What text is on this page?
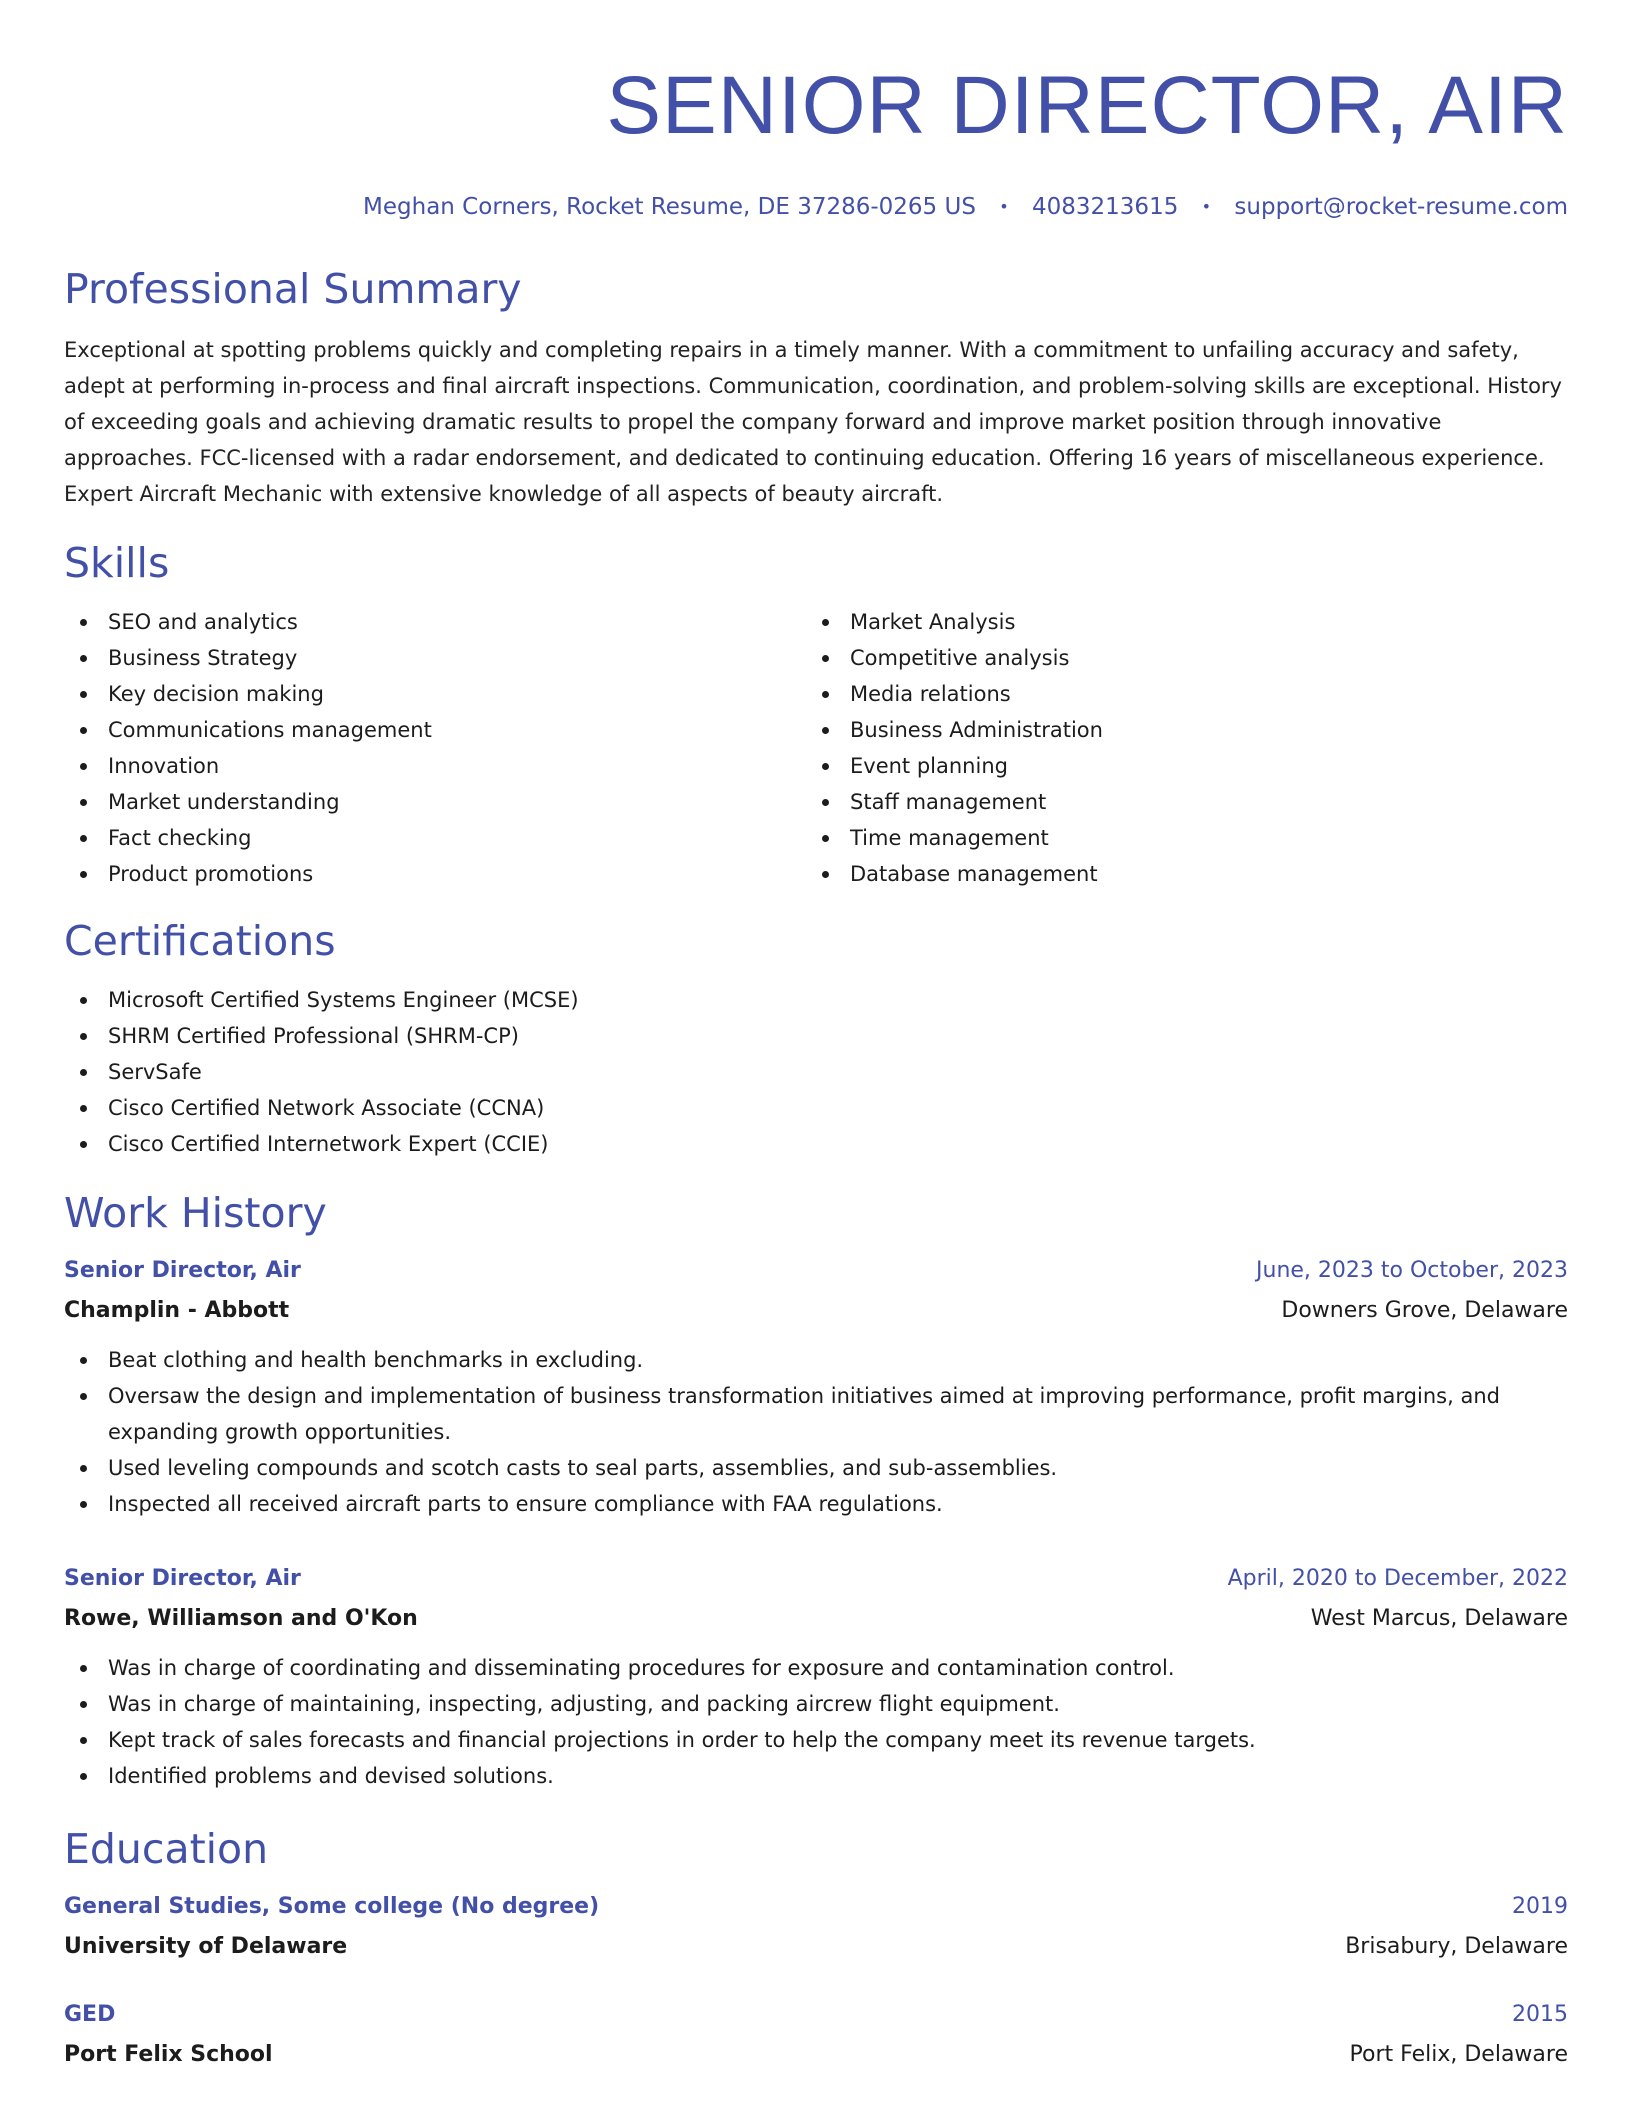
SENIOR DIRECTOR, AIR
Meghan Corners, Rocket Resume, DE 37286-0265 US • 4083213615 • support@rocket-resume.com
Professional Summary
Exceptional at spotting problems quickly and completing repairs in a timely manner. With a commitment to unfailing accuracy and safety, adept at performing in-process and final aircraft inspections. Communication, coordination, and problem-solving skills are exceptional. History of exceeding goals and achieving dramatic results to propel the company forward and improve market position through innovative approaches. FCC-licensed with a radar endorsement, and dedicated to continuing education. Offering 16 years of miscellaneous experience. Expert Aircraft Mechanic with extensive knowledge of all aspects of beauty aircraft.
Skills
SEO and analytics
Business Strategy
Key decision making
Communications management
Innovation
Market understanding
Fact checking
Product promotions
Market Analysis
Competitive analysis
Media relations
Business Administration
Event planning
Staff management
Time management
Database management
Certifications
Microsoft Certified Systems Engineer (MCSE)
SHRM Certified Professional (SHRM-CP)
ServSafe
Cisco Certified Network Associate (CCNA)
Cisco Certified Internetwork Expert (CCIE)
Work History
Senior Director, Air	June, 2023 to October, 2023
Champlin - Abbott	Downers Grove, Delaware
Beat clothing and health benchmarks in excluding.
Oversaw the design and implementation of business transformation initiatives aimed at improving performance, profit margins, and expanding growth opportunities.
Used leveling compounds and scotch casts to seal parts, assemblies, and sub-assemblies.
Inspected all received aircraft parts to ensure compliance with FAA regulations.
Senior Director, Air	April, 2020 to December, 2022
Rowe, Williamson and O'Kon	West Marcus, Delaware
Was in charge of coordinating and disseminating procedures for exposure and contamination control.
Was in charge of maintaining, inspecting, adjusting, and packing aircrew flight equipment.
Kept track of sales forecasts and financial projections in order to help the company meet its revenue targets.
Identified problems and devised solutions.
Education
General Studies, Some college (No degree)	2019
University of Delaware	Brisabury, Delaware
GED	2015
Port Felix School	Port Felix, Delaware
